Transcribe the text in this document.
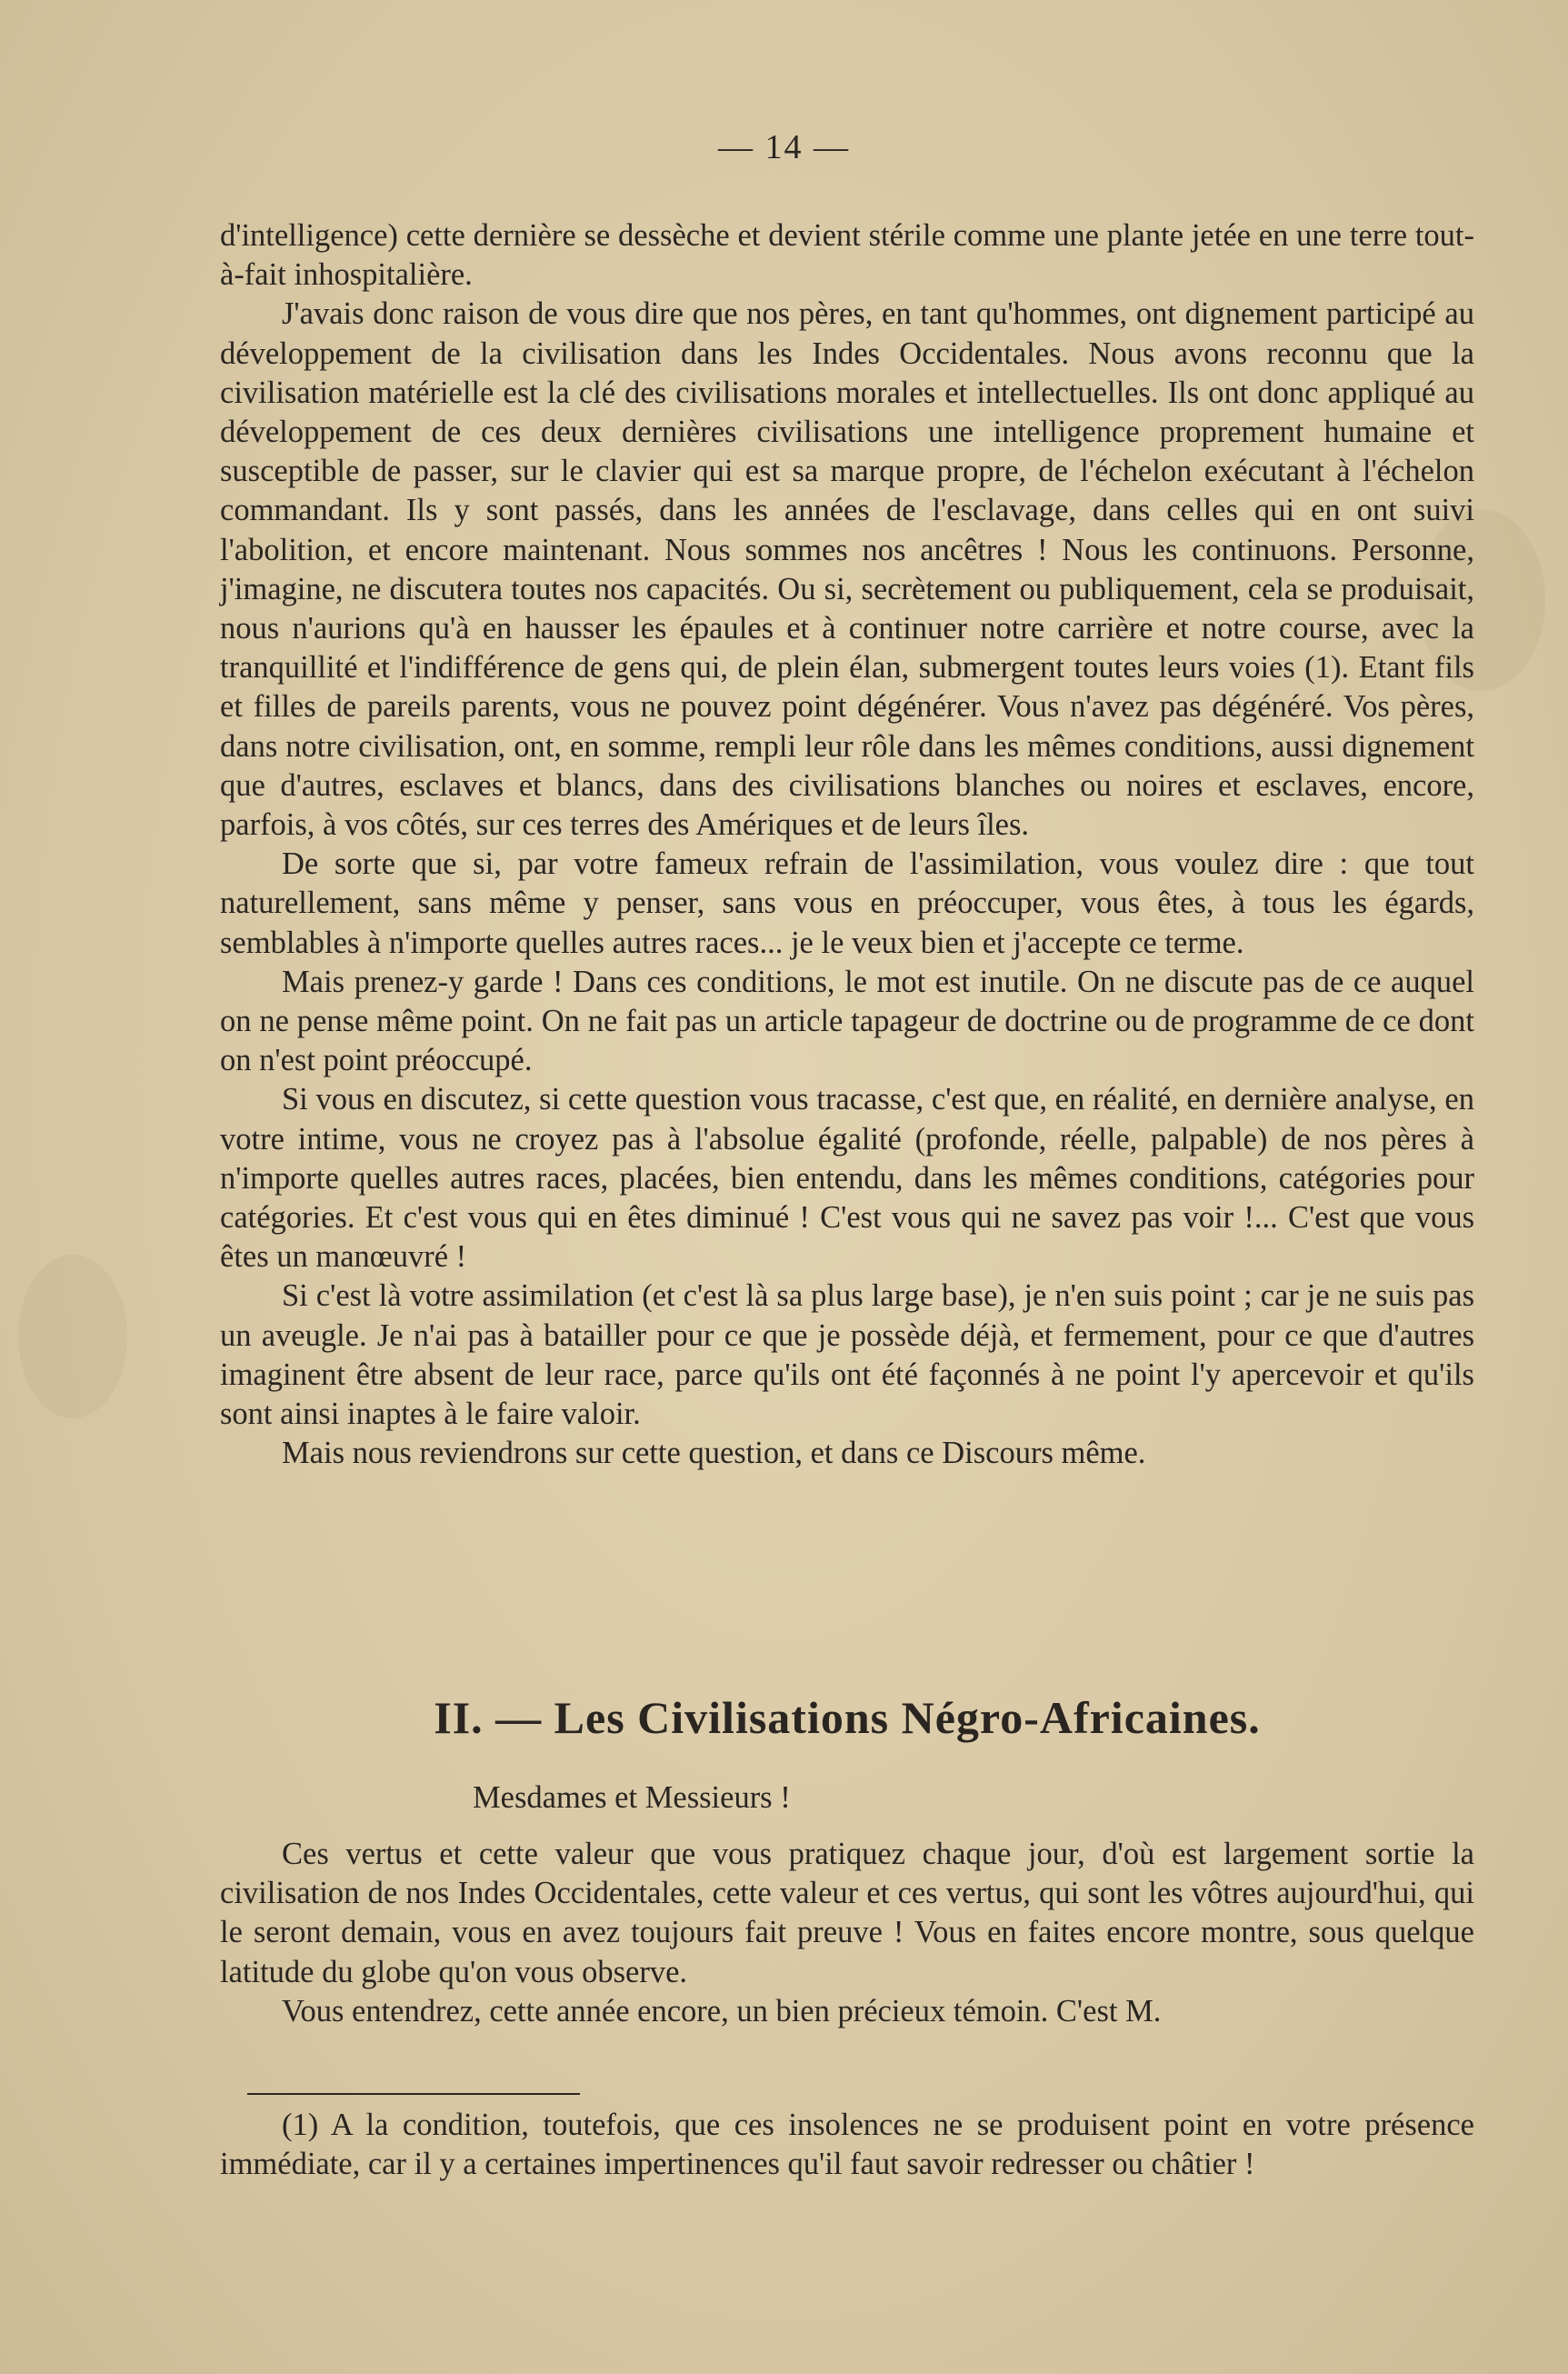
— 14 —

d'intelligence) cette dernière se dessèche et devient stérile comme une plante jetée en une terre tout-à-fait inhospitalière.

J'avais donc raison de vous dire que nos pères, en tant qu'hommes, ont dignement participé au développement de la civilisation dans les Indes Occidentales. Nous avons reconnu que la civilisation matérielle est la clé des civilisations morales et intellectuelles. Ils ont donc appliqué au développement de ces deux dernières civilisations une intelligence proprement humaine et susceptible de passer, sur le clavier qui est sa marque propre, de l'échelon exécutant à l'échelon commandant. Ils y sont passés, dans les années de l'esclavage, dans celles qui en ont suivi l'abolition, et encore maintenant. Nous sommes nos ancêtres ! Nous les continuons. Personne, j'imagine, ne discutera toutes nos capacités. Ou si, secrètement ou publiquement, cela se produisait, nous n'aurions qu'à en hausser les épaules et à continuer notre carrière et notre course, avec la tranquillité et l'indifférence de gens qui, de plein élan, submergent toutes leurs voies (1). Etant fils et filles de pareils parents, vous ne pouvez point dégénérer. Vous n'avez pas dégénéré. Vos pères, dans notre civilisation, ont, en somme, rempli leur rôle dans les mêmes conditions, aussi dignement que d'autres, esclaves et blancs, dans des civilisations blanches ou noires et esclaves, encore, parfois, à vos côtés, sur ces terres des Amériques et de leurs îles.

De sorte que si, par votre fameux refrain de l'assimilation, vous voulez dire : que tout naturellement, sans même y penser, sans vous en préoccuper, vous êtes, à tous les égards, semblables à n'importe quelles autres races... je le veux bien et j'accepte ce terme.

Mais prenez-y garde ! Dans ces conditions, le mot est inutile. On ne discute pas de ce auquel on ne pense même point. On ne fait pas un article tapageur de doctrine ou de programme de ce dont on n'est point préoccupé.

Si vous en discutez, si cette question vous tracasse, c'est que, en réalité, en dernière analyse, en votre intime, vous ne croyez pas à l'absolue égalité (profonde, réelle, palpable) de nos pères à n'importe quelles autres races, placées, bien entendu, dans les mêmes conditions, catégories pour catégories. Et c'est vous qui en êtes diminué ! C'est vous qui ne savez pas voir !... C'est que vous êtes un manœuvré !

Si c'est là votre assimilation (et c'est là sa plus large base), je n'en suis point ; car je ne suis pas un aveugle. Je n'ai pas à batailler pour ce que je possède déjà, et fermement, pour ce que d'autres imaginent être absent de leur race, parce qu'ils ont été façonnés à ne point l'y apercevoir et qu'ils sont ainsi inaptes à le faire valoir.

Mais nous reviendrons sur cette question, et dans ce Discours même.

II. — Les Civilisations Négro-Africaines.
Mesdames et Messieurs !

Ces vertus et cette valeur que vous pratiquez chaque jour, d'où est largement sortie la civilisation de nos Indes Occidentales, cette valeur et ces vertus, qui sont les vôtres aujourd'hui, qui le seront demain, vous en avez toujours fait preuve ! Vous en faites encore montre, sous quelque latitude du globe qu'on vous observe.

Vous entendrez, cette année encore, un bien précieux témoin. C'est M.

(1) A la condition, toutefois, que ces insolences ne se produisent point en votre présence immédiate, car il y a certaines impertinences qu'il faut savoir redresser ou châtier !
